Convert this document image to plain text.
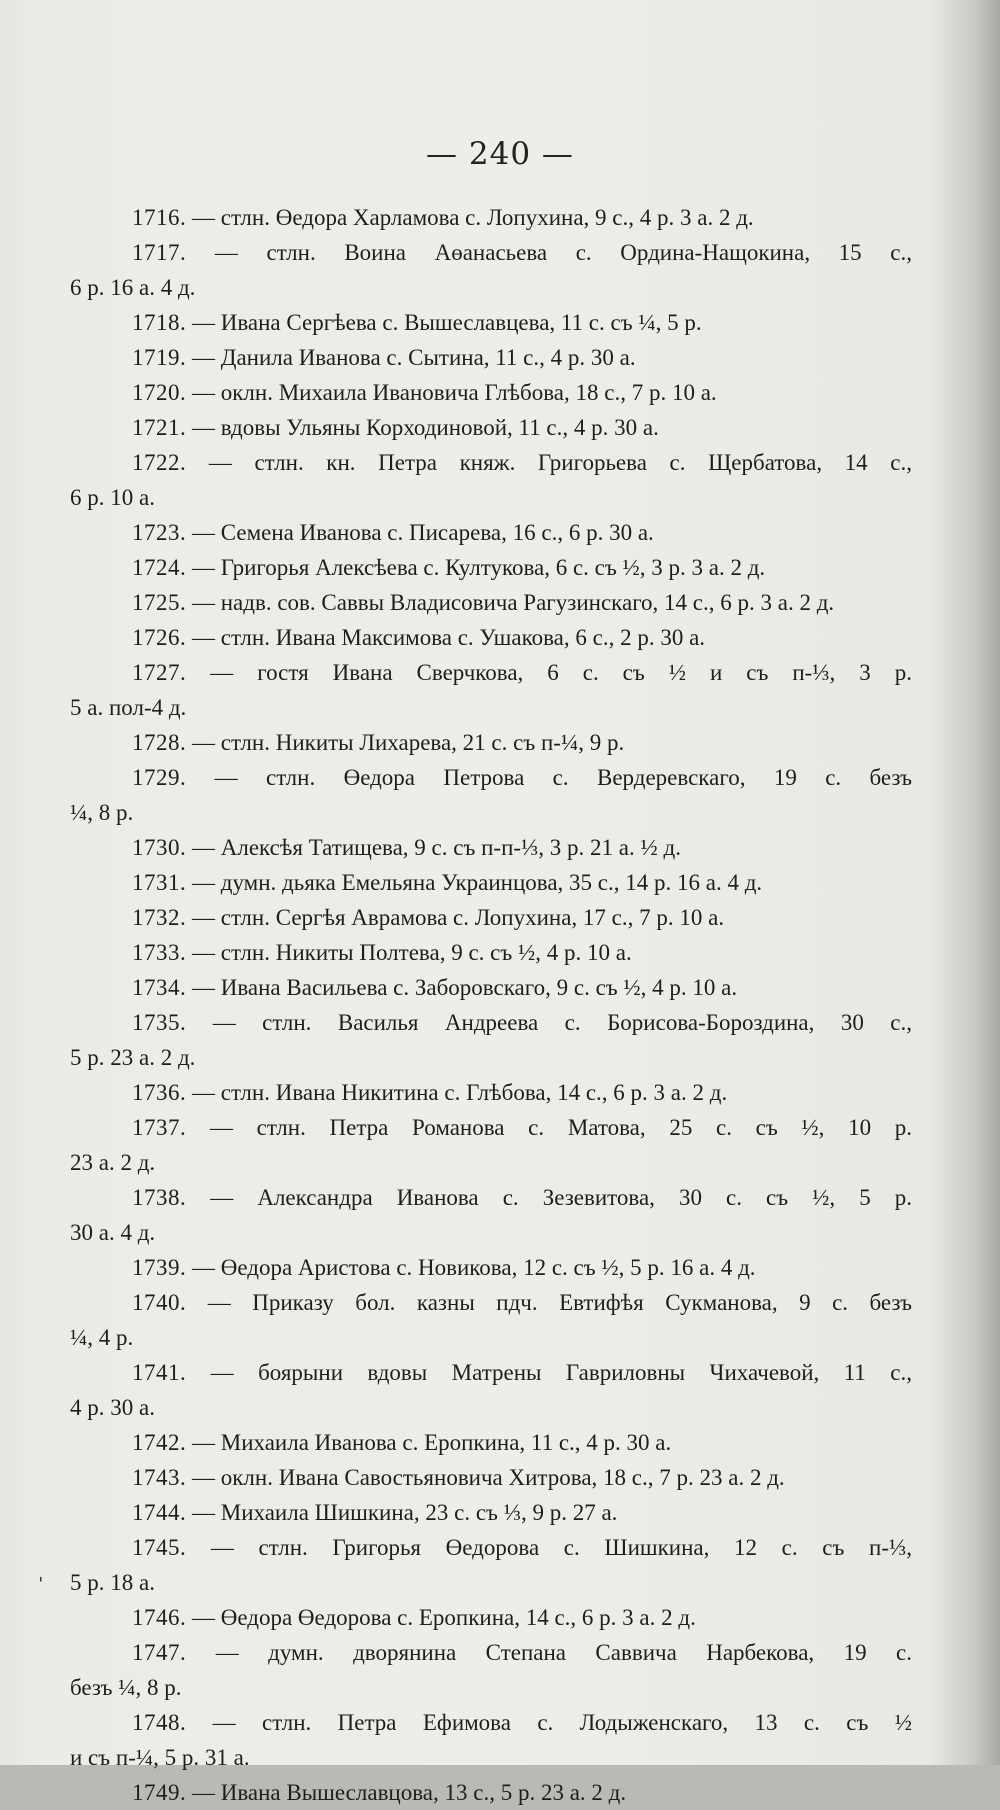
— 240 —

1716. — стлн. Өедора Харламова с. Лопухина, 9 с., 4 р. 3 а. 2 д.

1717. — стлн. Воина Аөанасьева с. Ордина-Нащокина, 15 с.,

6 р. 16 а. 4 д.

1718. — Ивана Сергѣева с. Вышеславцева, 11 с. съ ¼, 5 р.

1719. — Данила Иванова с. Сытина, 11 с., 4 р. 30 а.

1720. — оклн. Михаила Ивановича Глѣбова, 18 с., 7 р. 10 а.

1721. — вдовы Ульяны Корходиновой, 11 с., 4 р. 30 а.

1722. — стлн. кн. Петра княж. Григорьева с. Щербатова, 14 с.,

6 р. 10 а.

1723. — Семена Иванова с. Писарева, 16 с., 6 р. 30 а.

1724. — Григорья Алексѣева с. Култукова, 6 с. съ ½, 3 р. 3 а. 2 д.

1725. — надв. сов. Саввы Владисовича Рагузинскаго, 14 с., 6 р. 3 а. 2 д.

1726. — стлн. Ивана Максимова с. Ушакова, 6 с., 2 р. 30 а.

1727. — гостя Ивана Сверчкова, 6 с. съ ½ и съ п-⅓, 3 р.

5 а. пол-4 д.

1728. — стлн. Никиты Лихарева, 21 с. съ п-¼, 9 р.

1729. — стлн. Өедора Петрова с. Вердеревскаго, 19 с. безъ

¼, 8 р.

1730. — Алексѣя Татищева, 9 с. съ п-п-⅓, 3 р. 21 а. ½ д.

1731. — думн. дьяка Емельяна Украинцова, 35 с., 14 р. 16 а. 4 д.

1732. — стлн. Сергѣя Аврамова с. Лопухина, 17 с., 7 р. 10 а.

1733. — стлн. Никиты Полтева, 9 с. съ ½, 4 р. 10 а.

1734. — Ивана Васильева с. Заборовскаго, 9 с. съ ½, 4 р. 10 а.

1735. — стлн. Василья Андреева с. Борисова-Бороздина, 30 с.,

5 р. 23 а. 2 д.

1736. — стлн. Ивана Никитина с. Глѣбова, 14 с., 6 р. 3 а. 2 д.

1737. — стлн. Петра Романова с. Матова, 25 с. съ ½, 10 р.

23 а. 2 д.

1738. — Александра Иванова с. Зезевитова, 30 с. съ ½, 5 р.

30 а. 4 д.

1739. — Өедора Аристова с. Новикова, 12 с. съ ½, 5 р. 16 а. 4 д.

1740. — Приказу бол. казны пдч. Евтифѣя Сукманова, 9 с. безъ

¼, 4 р.

1741. — боярыни вдовы Матрены Гавриловны Чихачевой, 11 с.,

4 р. 30 а.

1742. — Михаила Иванова с. Еропкина, 11 с., 4 р. 30 а.

1743. — оклн. Ивана Савостьяновича Хитрова, 18 с., 7 р. 23 а. 2 д.

1744. — Михаила Шишкина, 23 с. съ ⅓, 9 р. 27 а.

1745. — стлн. Григорья Өедорова с. Шишкина, 12 с. съ п-⅓,

5 р. 18 а.

1746. — Өедора Өедорова с. Еропкина, 14 с., 6 р. 3 а. 2 д.

1747. — думн. дворянина Степана Саввича Нарбекова, 19 с.

безъ ¼, 8 р.

1748. — стлн. Петра Ефимова с. Лодыженскаго, 13 с. съ ½

и съ п-¼, 5 р. 31 а.

1749. — Ивана Вышеславцова, 13 с., 5 р. 23 а. 2 д.

ˌ
